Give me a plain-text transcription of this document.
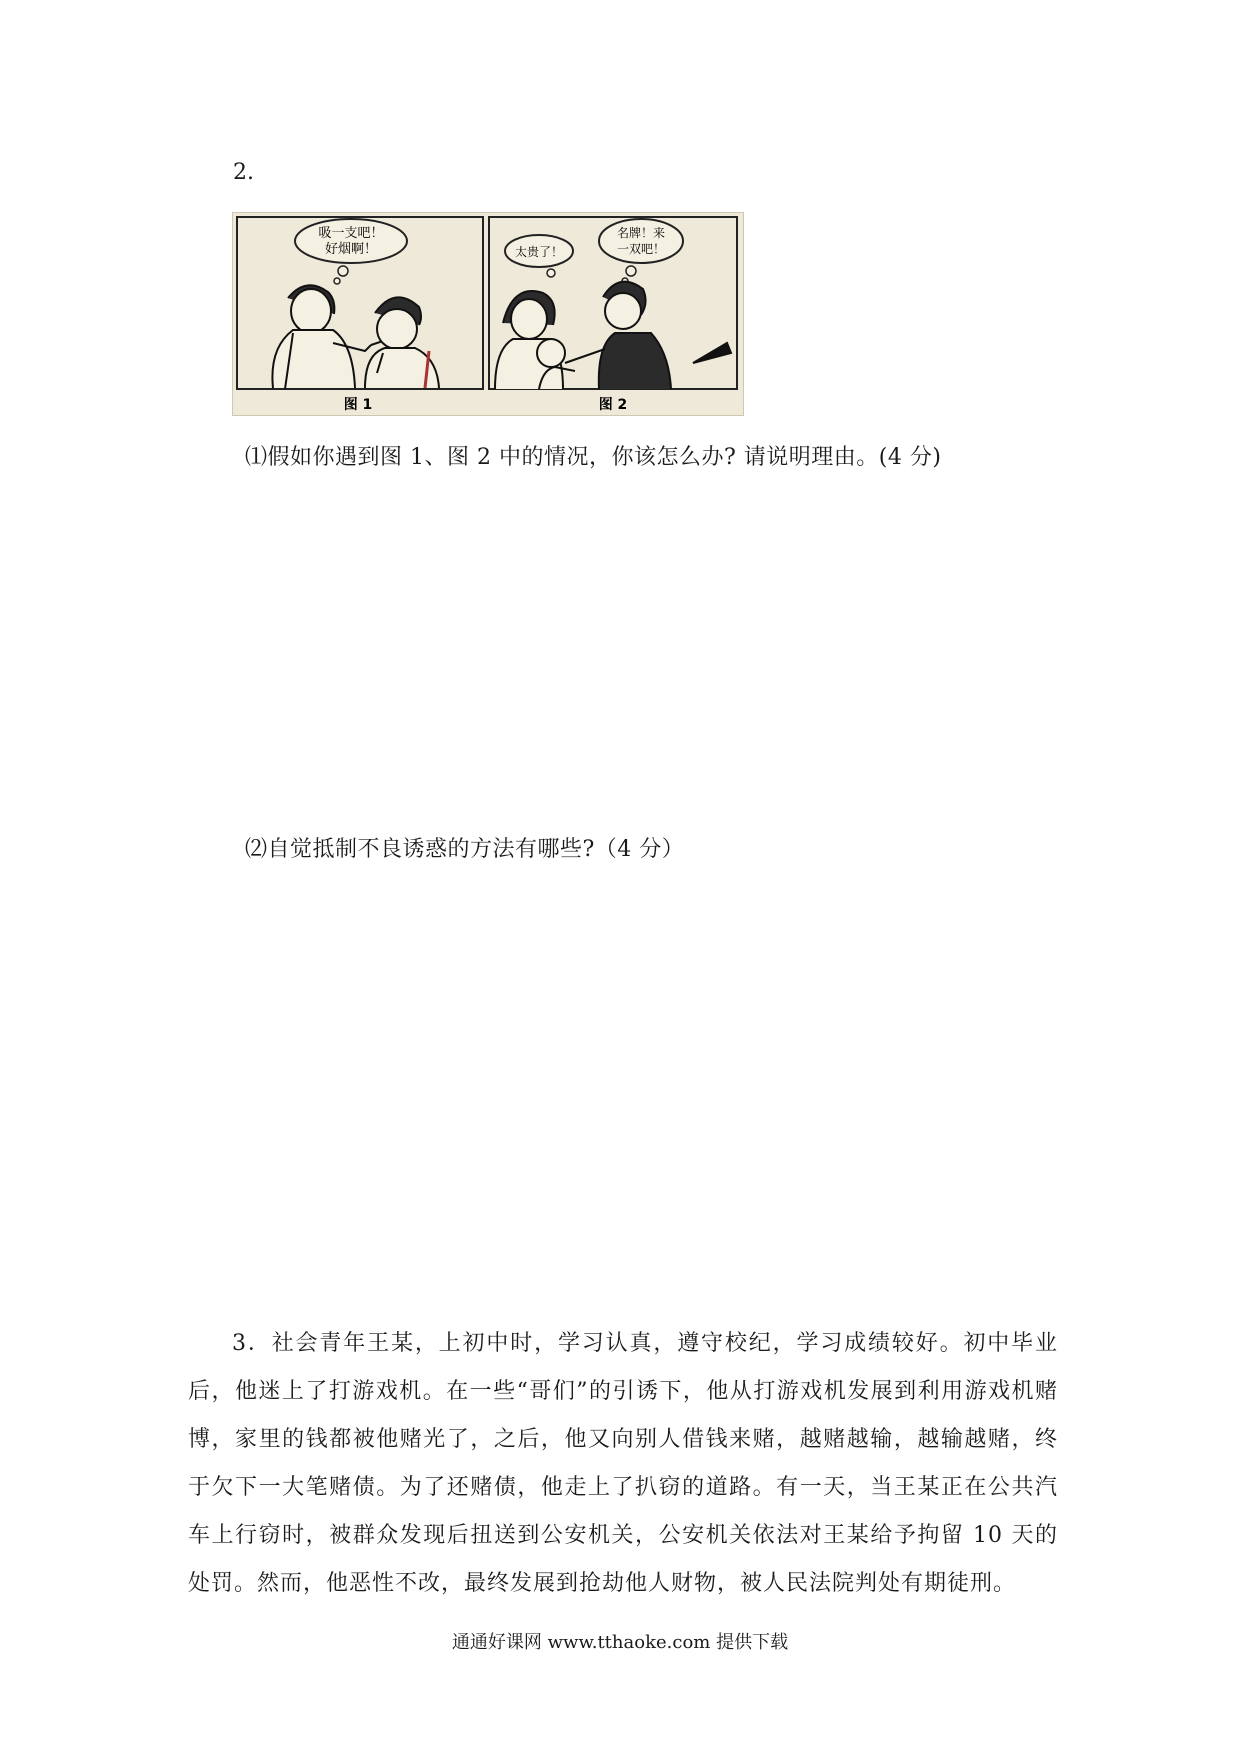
2.
吸一支吧！
好烟啊！
图 1
太贵了！
名牌！来
一双吧！
图 2
⑴假如你遇到图 1、图 2 中的情况，你该怎么办? 请说明理由。(4 分)
⑵自觉抵制不良诱惑的方法有哪些?（4 分）
3．社会青年王某，上初中时，学习认真，遵守校纪，学习成绩较好。初中毕业后，他迷上了打游戏机。在一些“哥们”的引诱下，他从打游戏机发展到利用游戏机赌博，家里的钱都被他赌光了，之后，他又向别人借钱来赌，越赌越输，越输越赌，终于欠下一大笔赌债。为了还赌债，他走上了扒窃的道路。有一天，当王某正在公共汽车上行窃时，被群众发现后扭送到公安机关，公安机关依法对王某给予拘留 10 天的处罚。然而，他恶性不改，最终发展到抢劫他人财物，被人民法院判处有期徒刑。
通通好课网 www.tthaoke.com 提供下载
